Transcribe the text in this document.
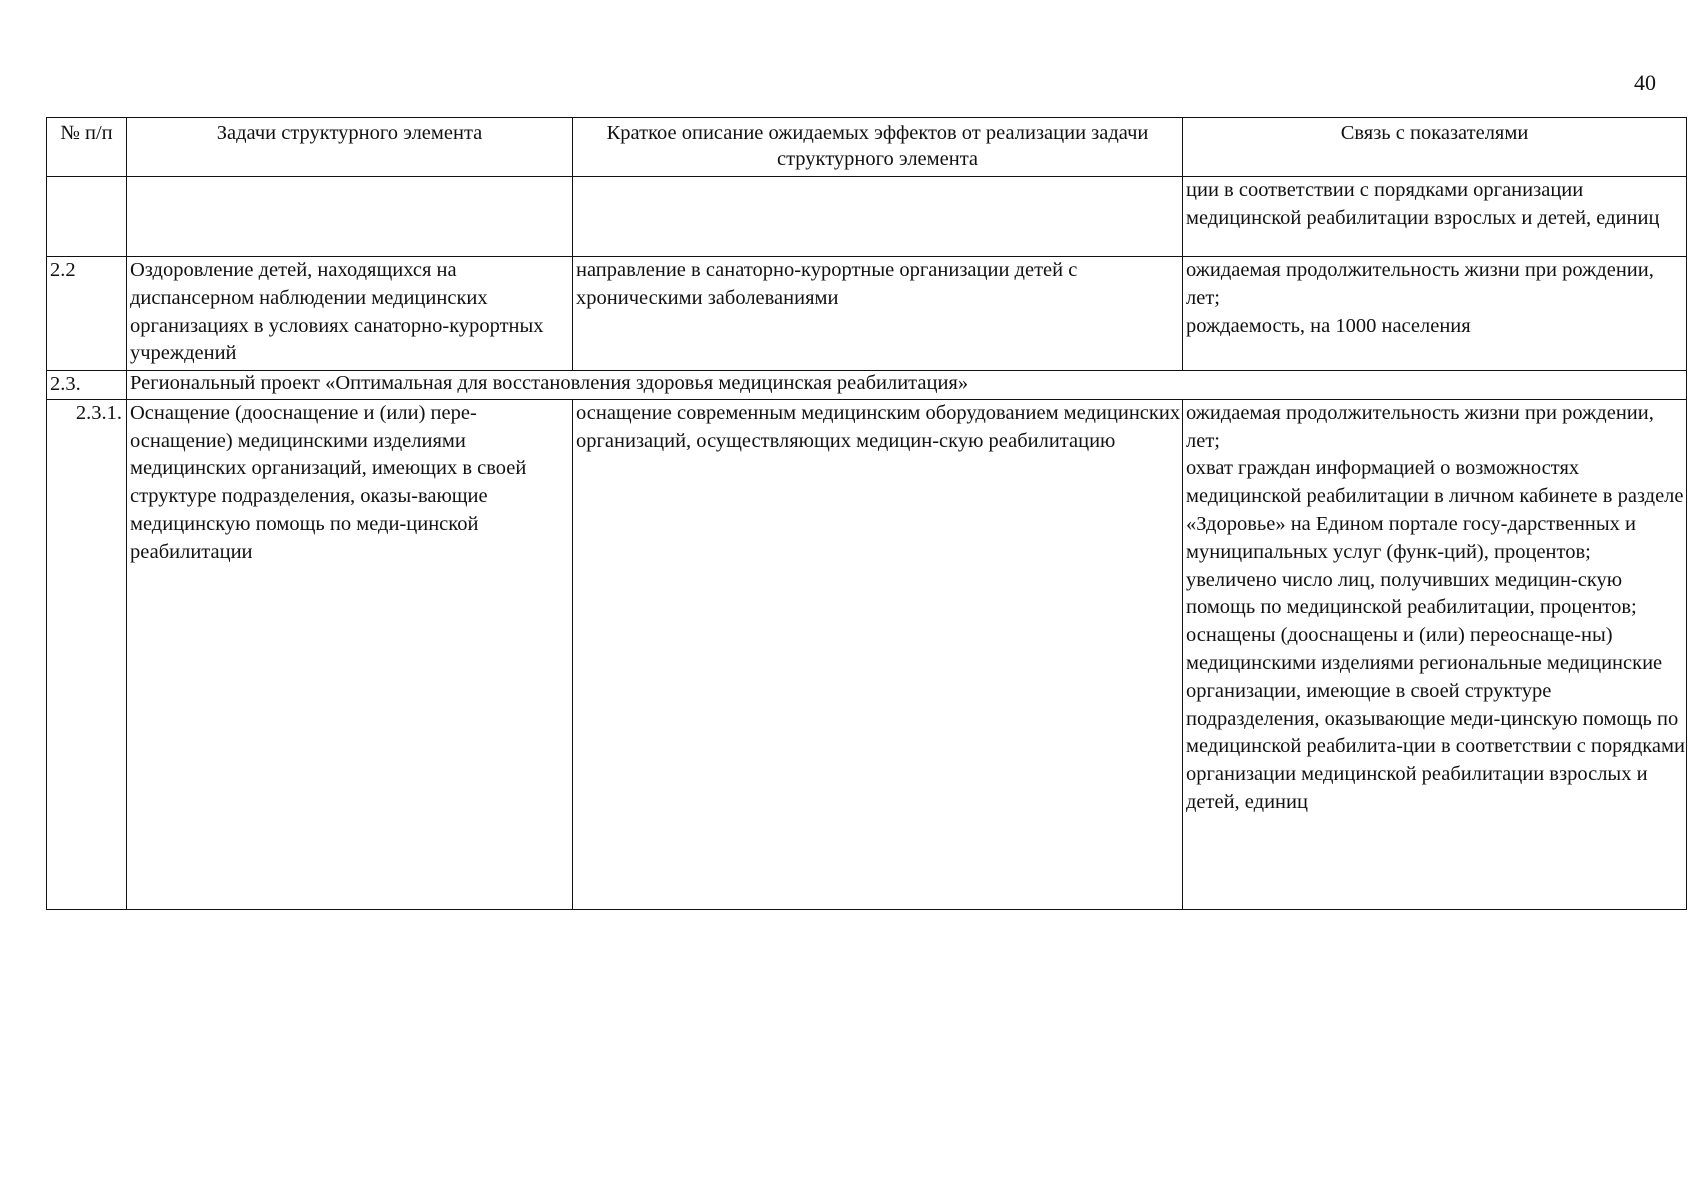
40
№ п/п	Задачи структурного элемента	Краткое описание ожидаемых эффектов от реализации задачи структурного элемента	Связь с показателями

			ции в соответствии с порядками организации медицинской реабилитации взрослых и детей, единиц

2.2	Оздоровление детей, находящихся на диспансерном наблюдении медицинских организациях в условиях санаторно-курортных учреждений	направление в санаторно-курортные организации детей с хроническими заболеваниями	ожидаемая продолжительность жизни при рождении, лет;
рождаемость, на 1000 населения

2.3.	Региональный проект «Оптимальная для восстановления здоровья медицинская реабилитация»		
2.3.1.	Оснащение (дооснащение и (или) пере-оснащение) медицинскими изделиями медицинских организаций, имеющих в своей структуре подразделения, оказы-вающие медицинскую помощь по меди-цинской реабилитации	оснащение современным медицинским оборудованием медицинских организаций, осуществляющих медицин-скую реабилитацию	ожидаемая продолжительность жизни при рождении, лет;
охват граждан информацией о возможностях медицинской реабилитации в личном кабинете в разделе «Здоровье» на Едином портале госу-дарственных и муниципальных услуг (функ-ций), процентов;
увеличено число лиц, получивших медицин-скую помощь по медицинской реабилитации, процентов;
оснащены (дооснащены и (или) переоснаще-ны) медицинскими изделиями региональные медицинские организации, имеющие в своей структуре подразделения, оказывающие меди-цинскую помощь по медицинской реабилита-ции в соответствии с порядками организации медицинской реабилитации взрослых и детей, единиц
